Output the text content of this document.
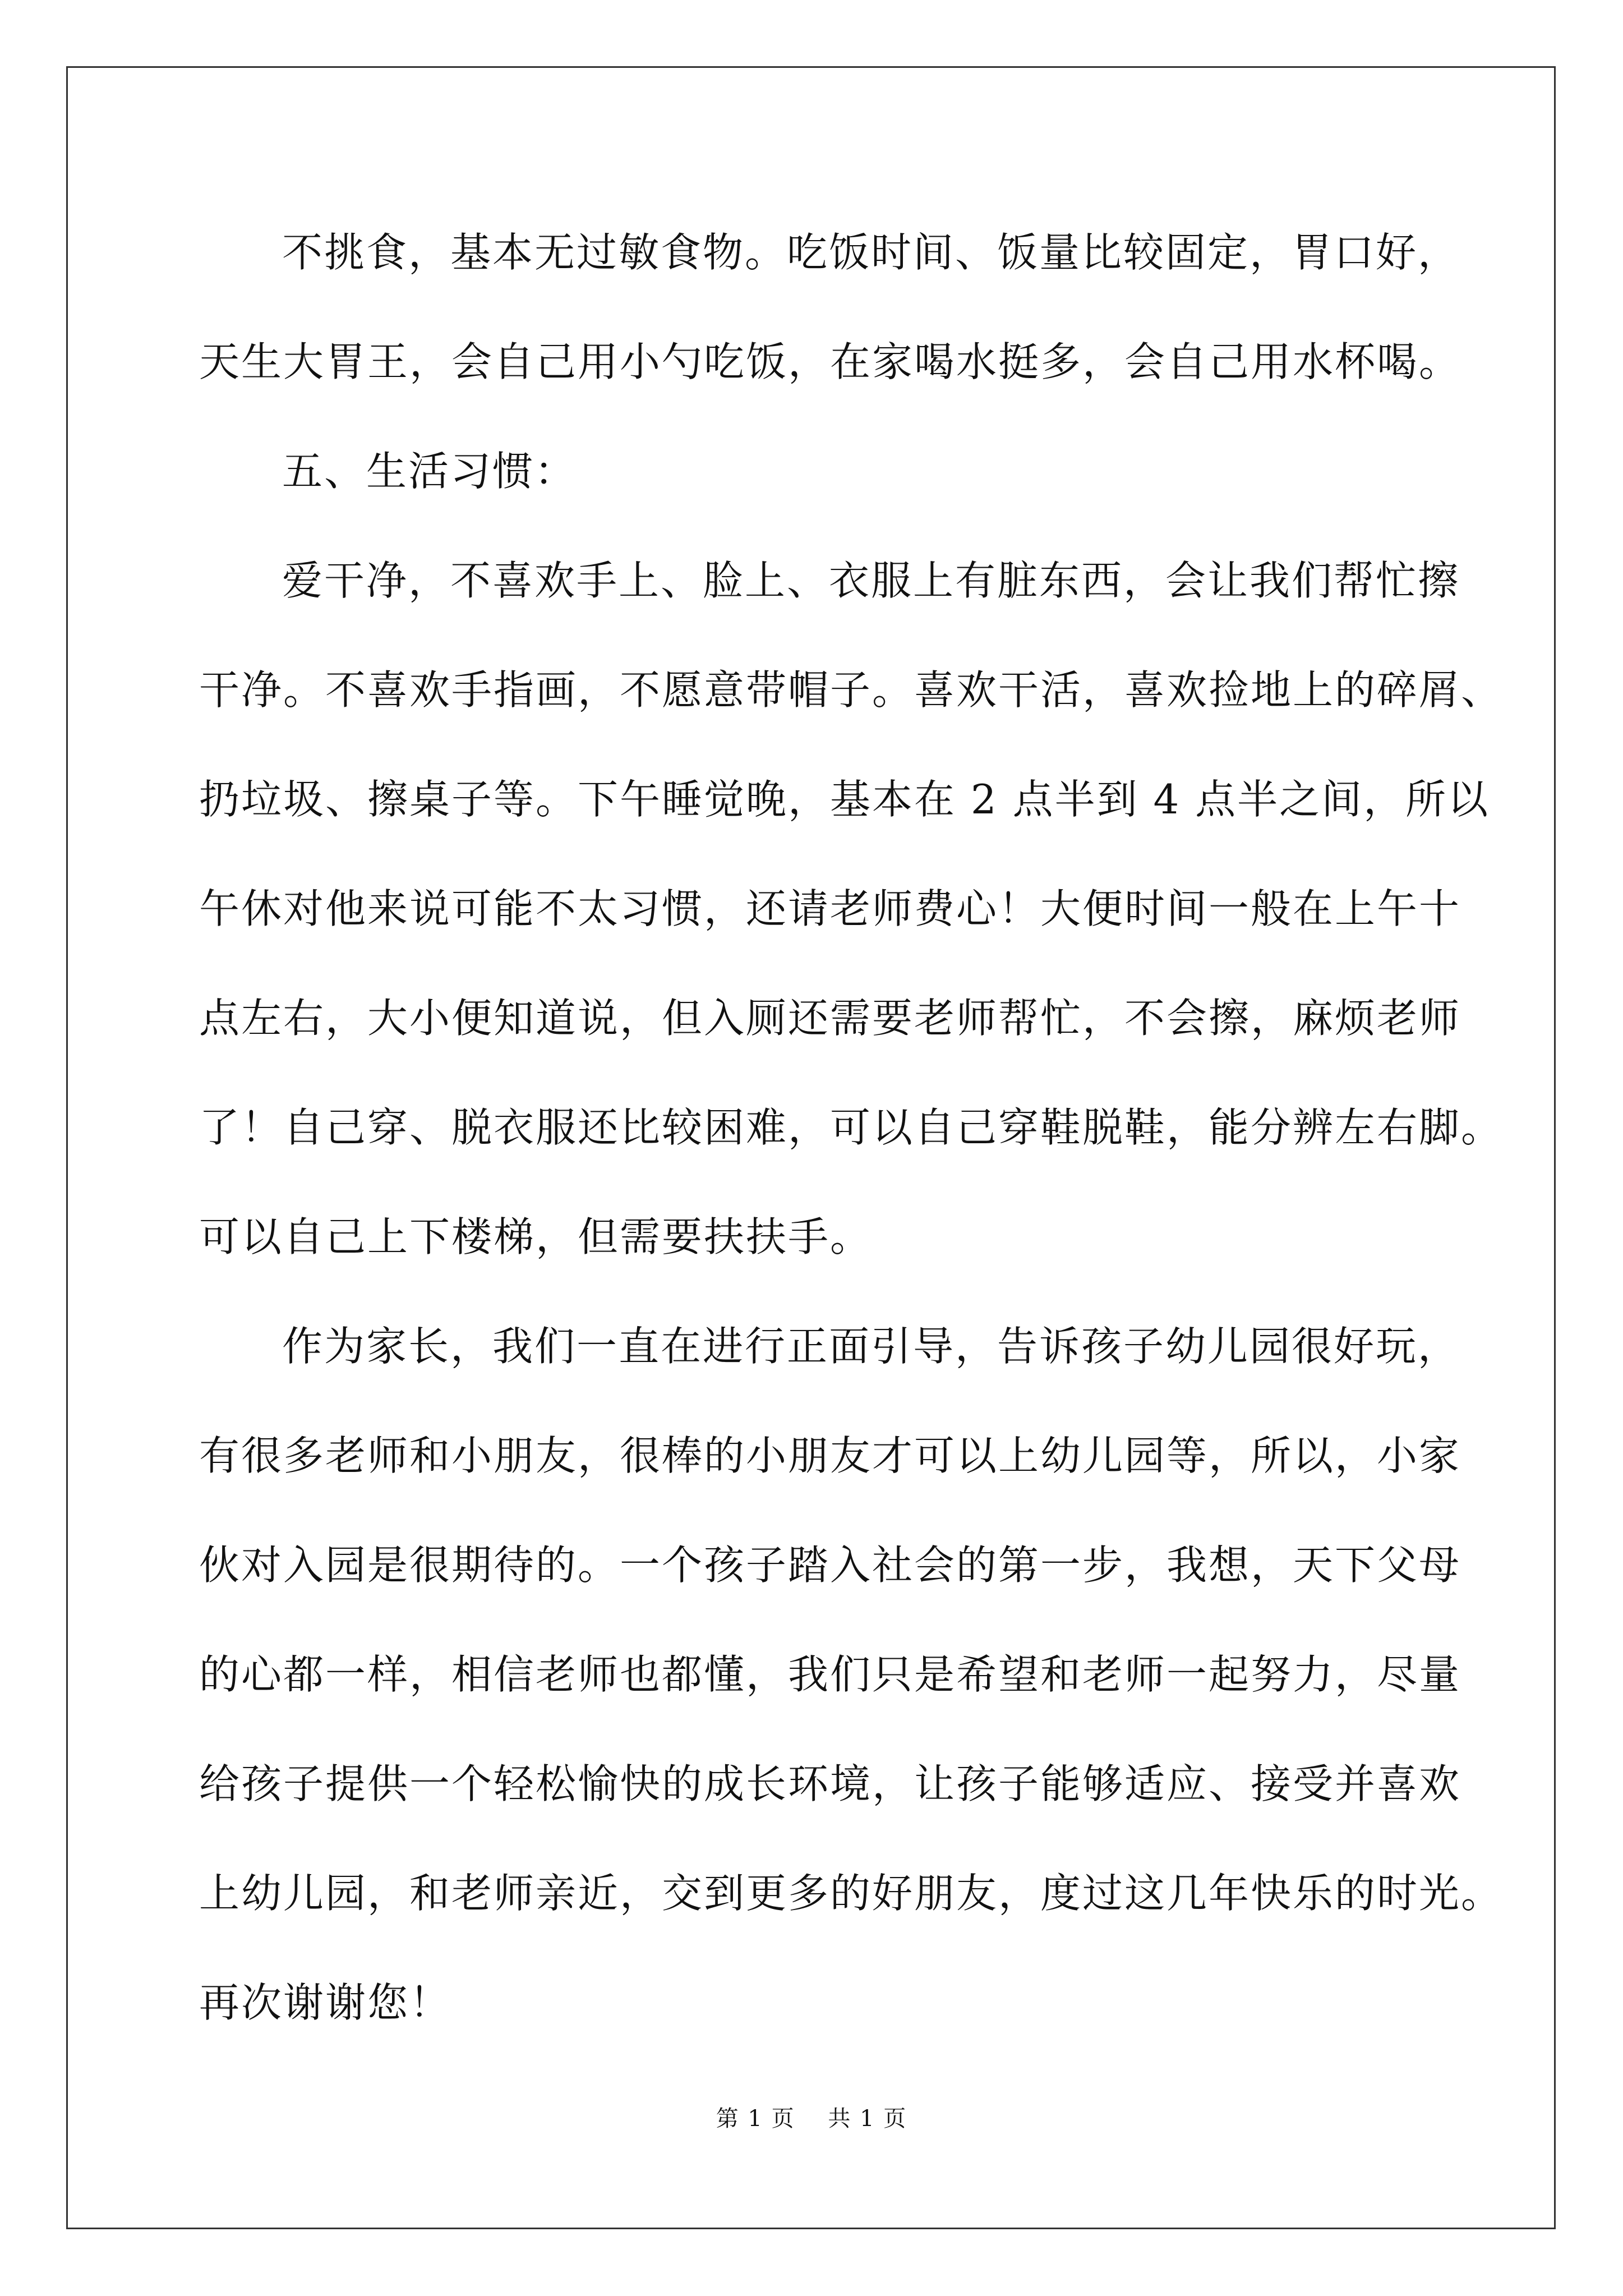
不挑食，基本无过敏食物。吃饭时间、饭量比较固定，胃口好，
天生大胃王，会自己用小勺吃饭，在家喝水挺多，会自己用水杯喝。
五、生活习惯：
爱干净，不喜欢手上、脸上、衣服上有脏东西，会让我们帮忙擦
干净。不喜欢手指画，不愿意带帽子。喜欢干活，喜欢捡地上的碎屑、
扔垃圾、擦桌子等。下午睡觉晚，基本在 2 点半到 4 点半之间，所以
午休对他来说可能不太习惯，还请老师费心！大便时间一般在上午十
点左右，大小便知道说，但入厕还需要老师帮忙，不会擦，麻烦老师
了！自己穿、脱衣服还比较困难，可以自己穿鞋脱鞋，能分辨左右脚。
可以自己上下楼梯，但需要扶扶手。
作为家长，我们一直在进行正面引导，告诉孩子幼儿园很好玩，
有很多老师和小朋友，很棒的小朋友才可以上幼儿园等，所以，小家
伙对入园是很期待的。一个孩子踏入社会的第一步，我想，天下父母
的心都一样，相信老师也都懂，我们只是希望和老师一起努力，尽量
给孩子提供一个轻松愉快的成长环境，让孩子能够适应、接受并喜欢
上幼儿园，和老师亲近，交到更多的好朋友，度过这几年快乐的时光。
再次谢谢您！
第 1 页    共 1 页
